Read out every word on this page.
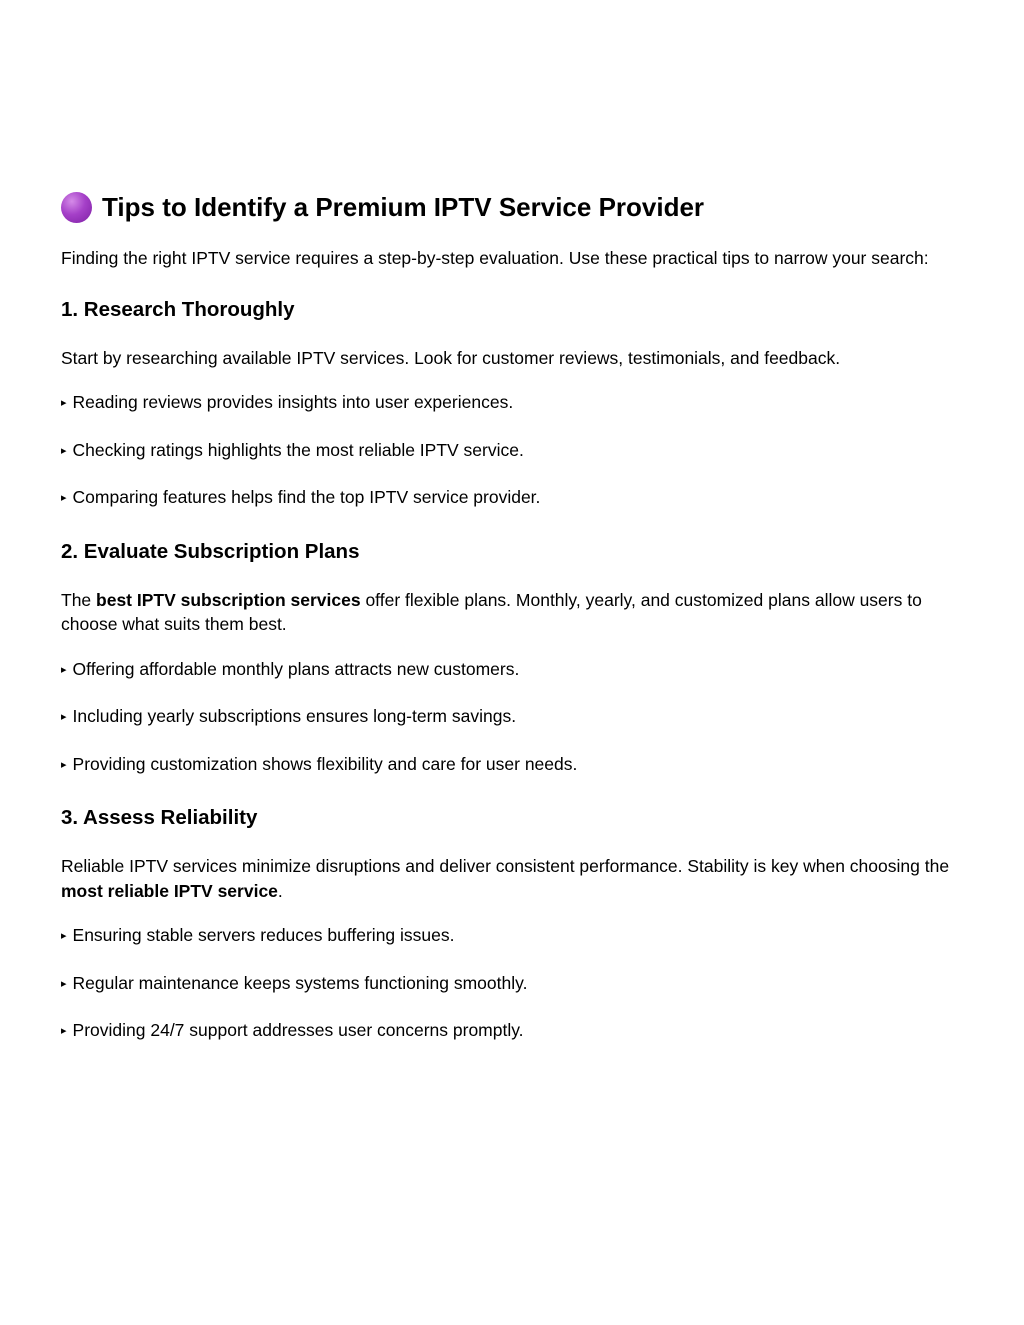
Tips to Identify a Premium IPTV Service Provider

Finding the right IPTV service requires a step-by-step evaluation. Use these practical tips to narrow your search:

1. Research Thoroughly

Start by researching available IPTV services. Look for customer reviews, testimonials, and feedback.

▸ Reading reviews provides insights into user experiences.
▸ Checking ratings highlights the most reliable IPTV service.
▸ Comparing features helps find the top IPTV service provider.
2. Evaluate Subscription Plans

The best IPTV subscription services offer flexible plans. Monthly, yearly, and customized plans allow users to choose what suits them best.

▸ Offering affordable monthly plans attracts new customers.
▸ Including yearly subscriptions ensures long-term savings.
▸ Providing customization shows flexibility and care for user needs.
3. Assess Reliability

Reliable IPTV services minimize disruptions and deliver consistent performance. Stability is key when choosing the most reliable IPTV service.

▸ Ensuring stable servers reduces buffering issues.
▸ Regular maintenance keeps systems functioning smoothly.
▸ Providing 24/7 support addresses user concerns promptly.
